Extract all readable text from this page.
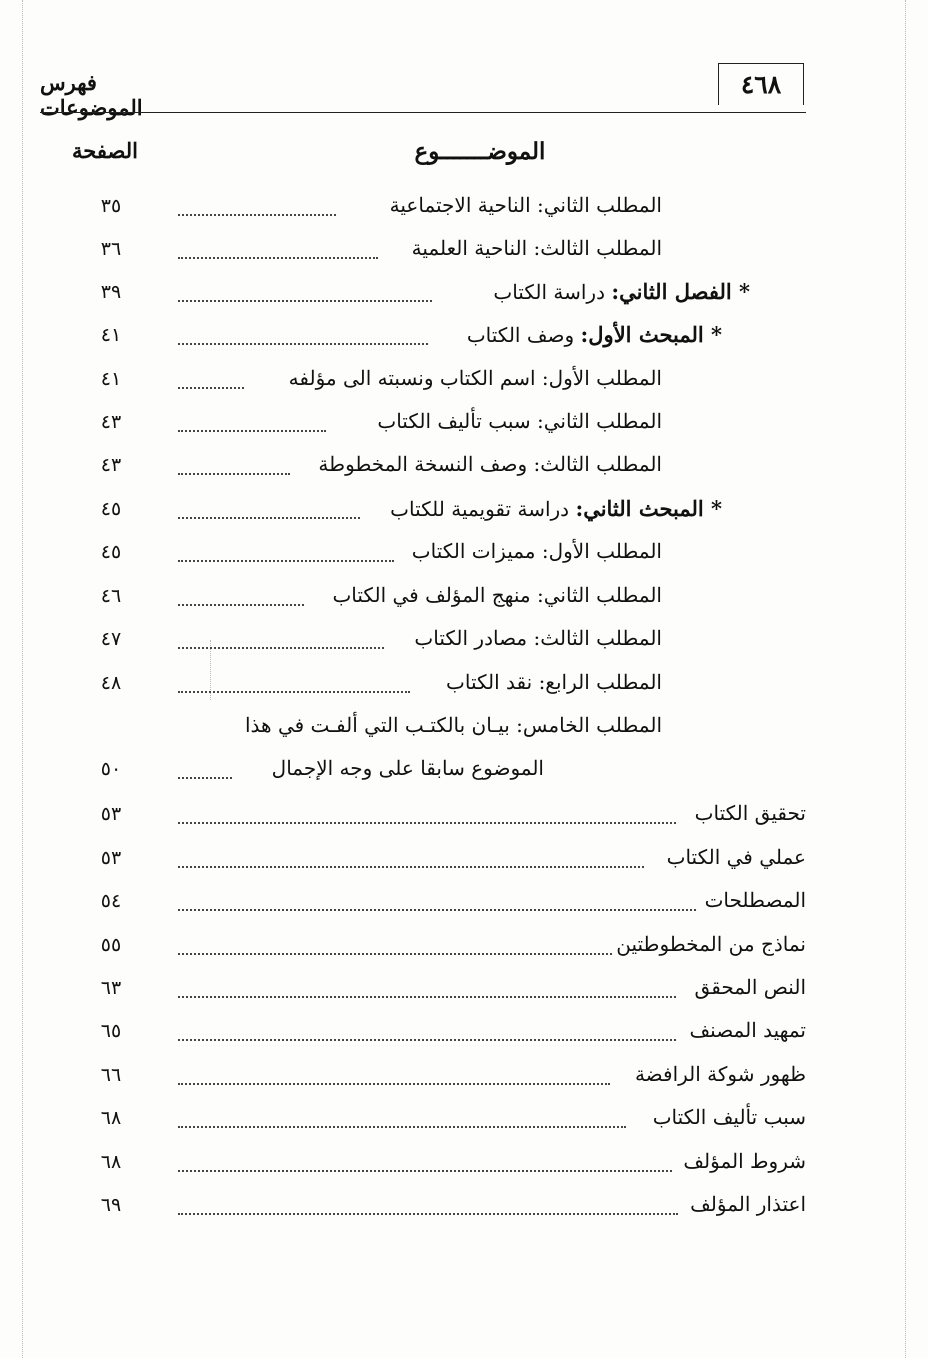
٤٦٨
فهرس الموضوعات
الموضـــــــوع
الصفحة
٣٥	المطلب الثاني: الناحية الاجتماعية
٣٦	المطلب الثالث: الناحية العلمية
٣٩	* الفصل الثاني: دراسة الكتاب
٤١	* المبحث الأول: وصف الكتاب
٤١	المطلب الأول: اسم الكتاب ونسبته الى مؤلفه
٤٣	المطلب الثاني: سبب تأليف الكتاب
٤٣	المطلب الثالث: وصف النسخة المخطوطة
٤٥	* المبحث الثاني: دراسة تقويمية للكتاب
٤٥	المطلب الأول: مميزات الكتاب
٤٦	المطلب الثاني: منهج المؤلف في الكتاب
٤٧	المطلب الثالث: مصادر الكتاب
٤٨	المطلب الرابع: نقد الكتاب
المطلب الخامس: بيـان بالكتـب التي ألفـت في هذا
٥٠	الموضوع سابقا على وجه الإجمال
٥٣	تحقيق الكتاب
٥٣	عملي في الكتاب
٥٤	المصطلحات
٥٥	نماذج من المخطوطتين
٦٣	النص المحقق
٦٥	تمهيد المصنف
٦٦	ظهور شوكة الرافضة
٦٨	سبب تأليف الكتاب
٦٨	شروط المؤلف
٦٩	اعتذار المؤلف
